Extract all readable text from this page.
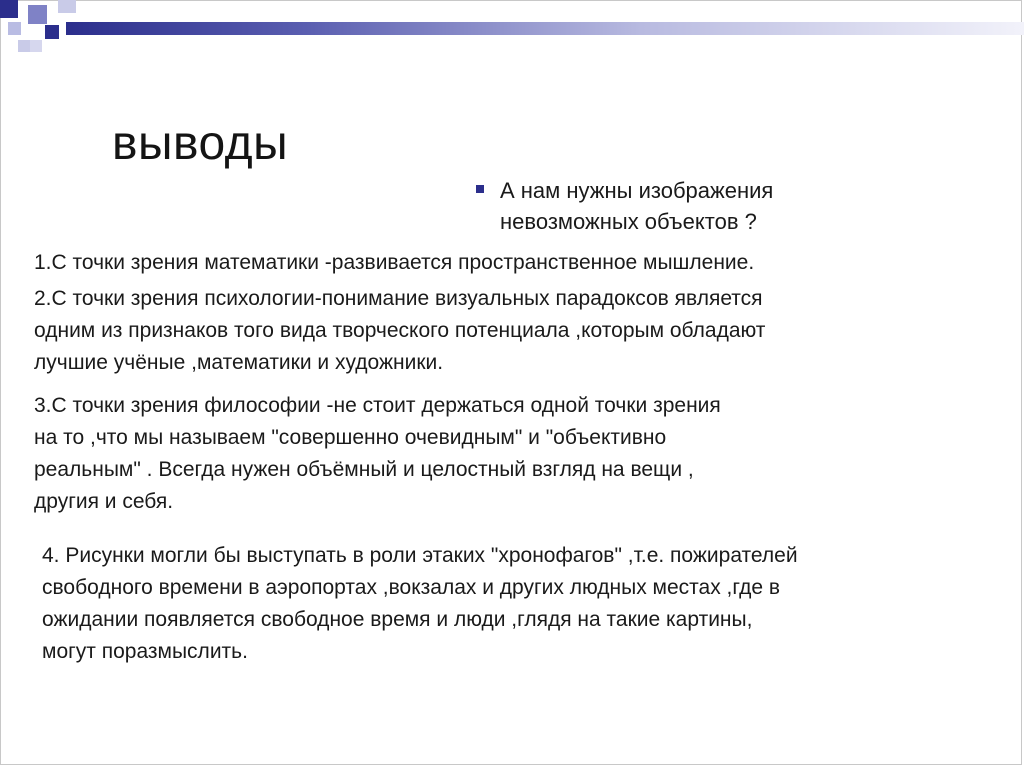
выводы
А нам нужны изображения
невозможных объектов ?
1.С точки зрения математики -развивается пространственное мышление.
2.С точки зрения психологии-понимание визуальных парадоксов является
одним из признаков того вида творческого потенциала ,которым обладают
лучшие учёные ,математики и художники.
3.С точки зрения философии -не стоит держаться одной точки зрения
на то ,что мы называем "совершенно очевидным" и "объективно
реальным" . Всегда нужен объёмный и целостный взгляд на вещи ,
другия и себя.
4. Рисунки могли бы выступать в роли этаких "хронофагов" ,т.е. пожирателей
свободного времени в аэропортах ,вокзалах и других людных местах ,где в
ожидании появляется свободное время и люди ,глядя на такие картины,
могут поразмыслить.
